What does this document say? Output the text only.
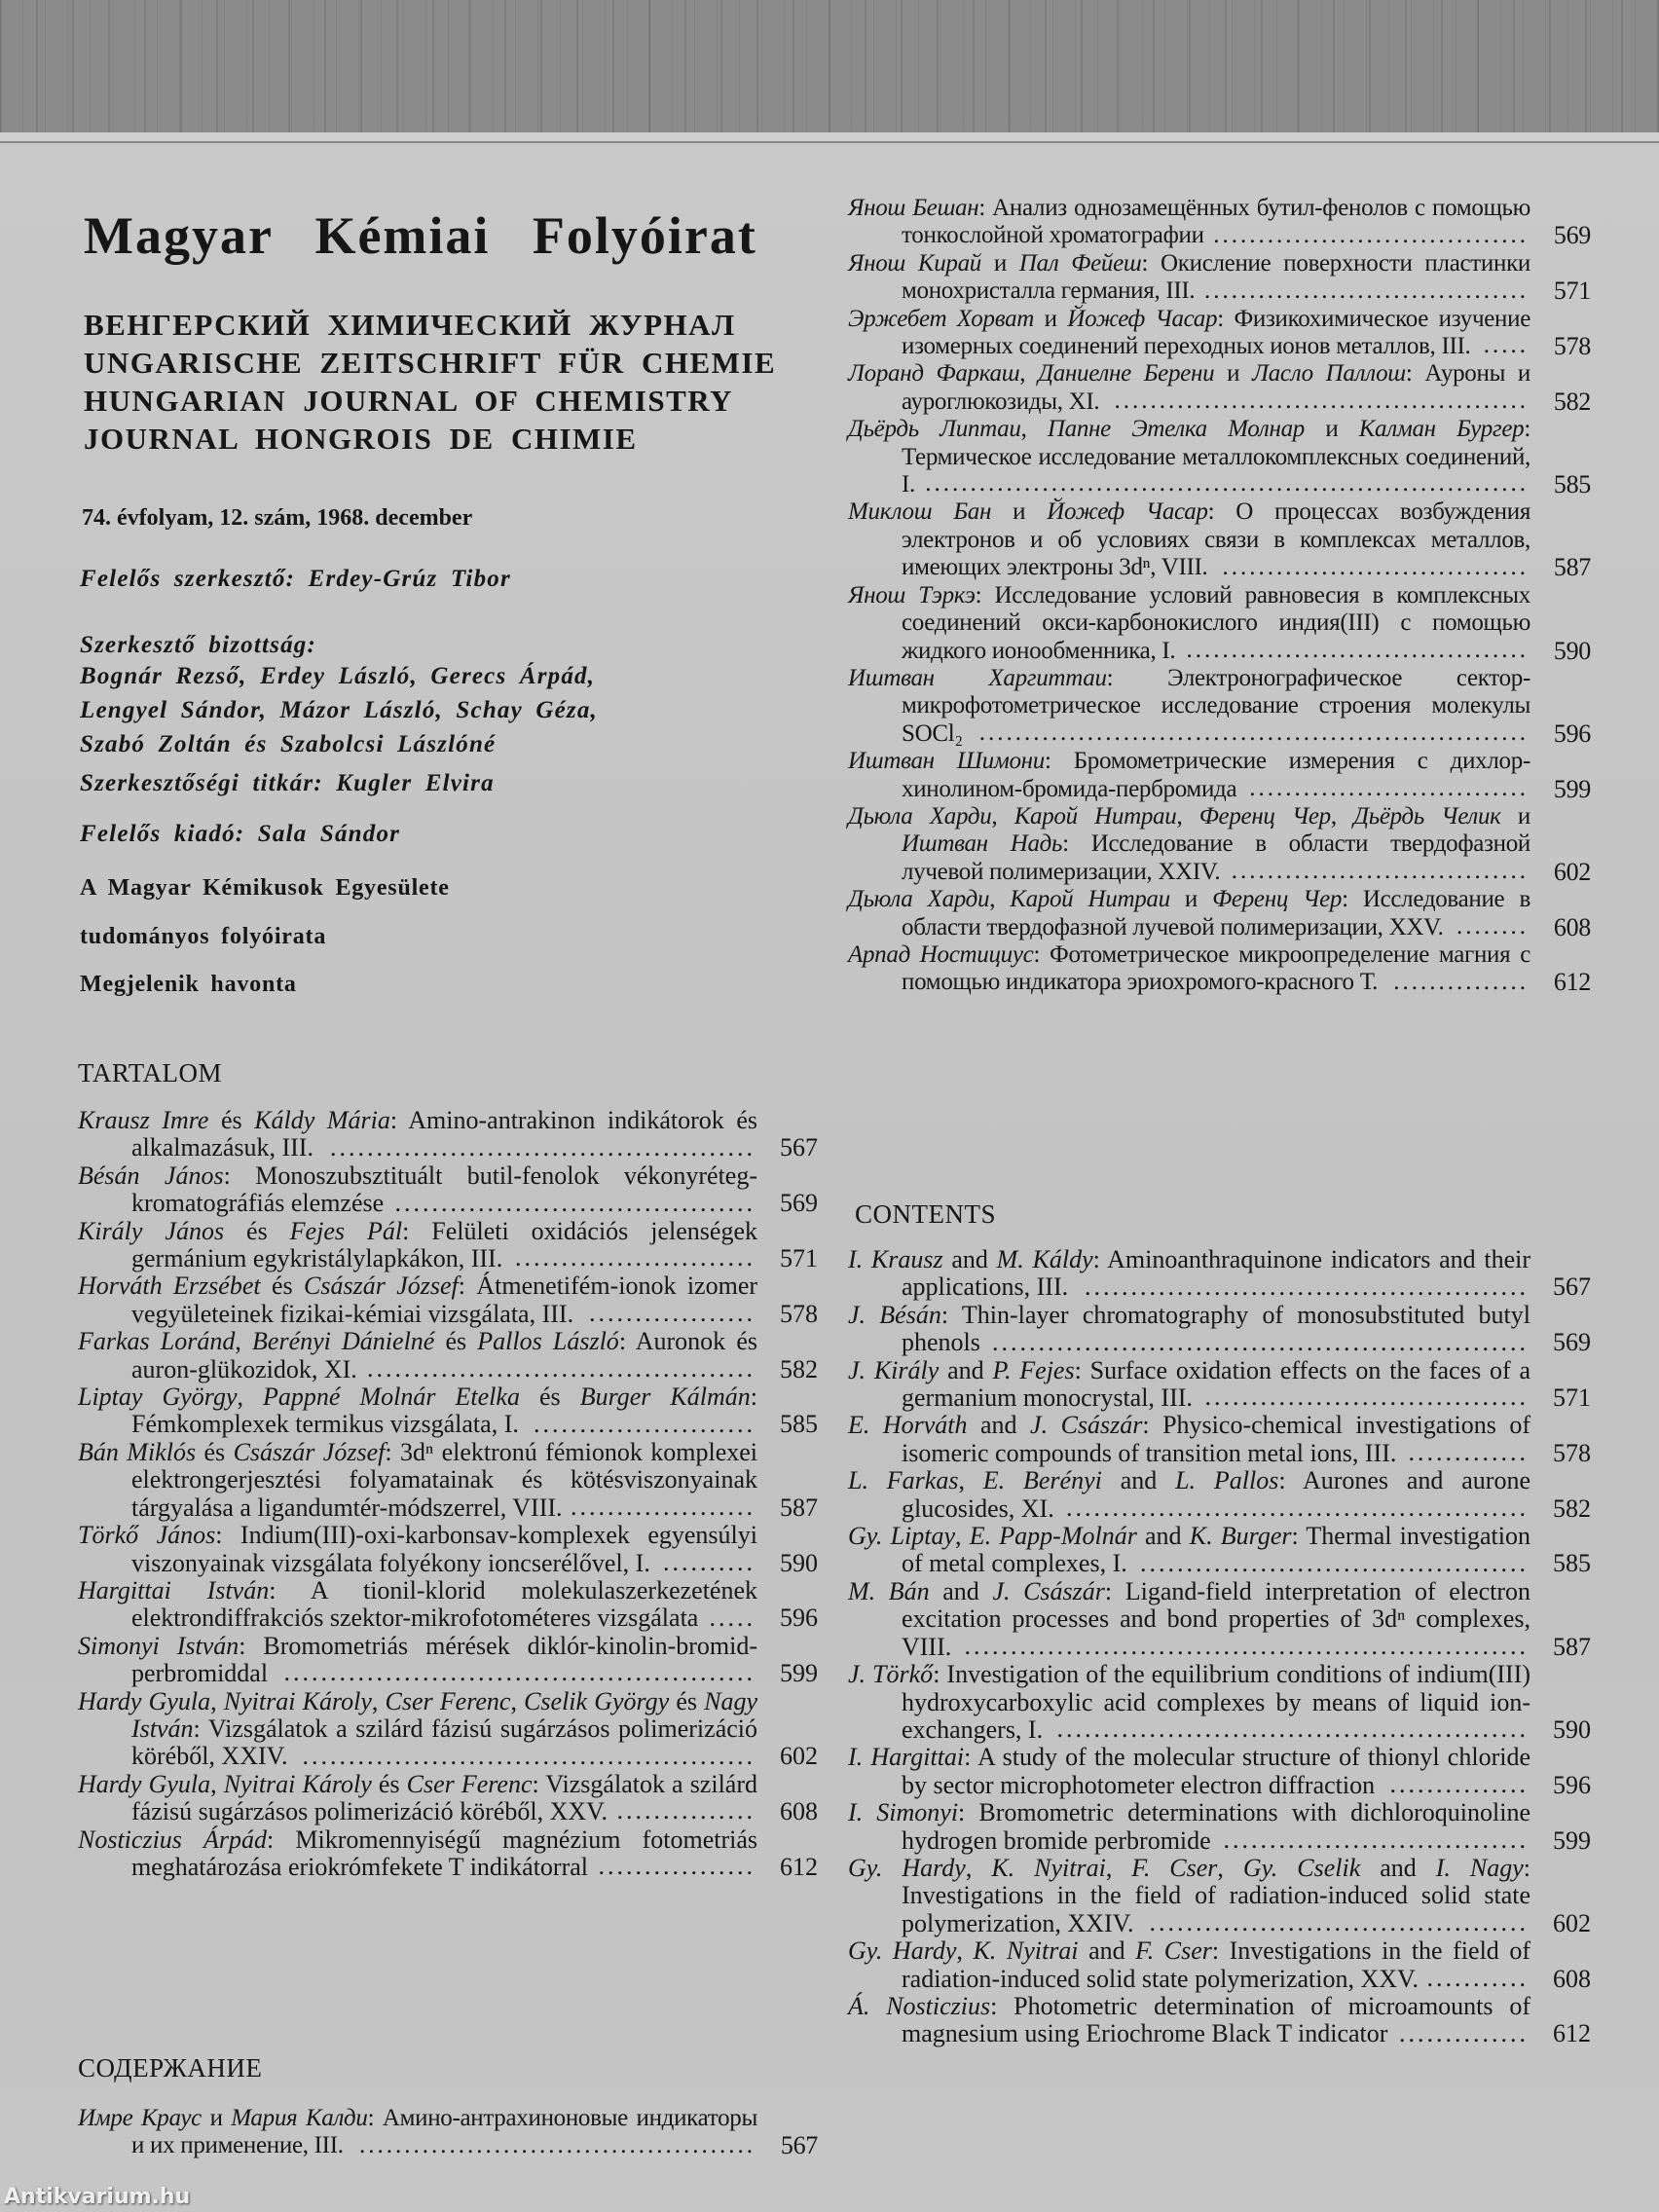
Magyar Kémiai Folyóirat
ВЕНГЕРСКИЙ ХИМИЧЕСКИЙ ЖУРНАЛ
UNGARISCHE ZEITSCHRIFT FÜR CHEMIE
HUNGARIAN JOURNAL OF CHEMISTRY
JOURNAL HONGROIS DE CHIMIE
74. évfolyam, 12. szám, 1968. december
Felelős szerkesztő: Erdey-Grúz Tibor
Szerkesztő bizottság:
Bognár Rezső, Erdey László, Gerecs Árpád,
Lengyel Sándor, Mázor László, Schay Géza,
Szabó Zoltán és Szabolcsi Lászlóné
Szerkesztőségi titkár: Kugler Elvira
Felelős kiadó: Sala Sándor
A Magyar Kémikusok Egyesülete
tudományos folyóirata
Megjelenik havonta
TARTALOM
Krausz Imre és Káldy Mária: Amino-antrakinon indikátorok és alkalmazásuk, III.	567
..............................................
Bésán János: Monoszubsztituált butil-fenolok vékonyréteg-kromatográfiás elemzése	569
.......................................
Király János és Fejes Pál: Felületi oxidációs jelenségek germánium egykristálylapkákon, III.	571
..........................
Horváth Erzsébet és Császár József: Átmenetifém-ionok izomer vegyületeinek fizikai-kémiai vizsgálata, III.	578
..................
Farkas Loránd, Berényi Dánielné és Pallos László: Auronok és auron-glükozidok, XI.	582
..........................................
Liptay György, Pappné Molnár Etelka és Burger Kálmán: Fémkomplexek termikus vizsgálata, I.	585
........................
Bán Miklós és Császár József: 3dⁿ elektronú fémionok komplexei elektrongerjesztési folyamatainak és kötésviszonyainak tárgyalása a ligandumtér-módszerrel, VIII.	587
....................
Törkő János: Indium(III)-oxi-karbonsav-komplexek egyensúlyi viszonyainak vizsgálata folyékony ioncserélővel, I.	590
..........
Hargittai István: A tionil-klorid molekulaszerkezetének elektrondiffrakciós szektor-mikrofotométeres vizsgálata	596
.....
Simonyi István: Bromometriás mérések diklór-kinolin-bromid-perbromiddal	599
...................................................
Hardy Gyula, Nyitrai Károly, Cser Ferenc, Cselik György és Nagy István: Vizsgálatok a szilárd fázisú sugárzásos polimerizáció köréből, XXIV.	602
.................................................
Hardy Gyula, Nyitrai Károly és Cser Ferenc: Vizsgálatok a szilárd fázisú sugárzásos polimerizáció köréből, XXV.	608
...............
Nosticzius Árpád: Mikromennyiségű magnézium fotometriás meghatározása eriokrómfekete T indikátorral	612
.................
СОДЕРЖАНИЕ
Имре Краус и Мария Калди: Амино-антрахиноновые индикаторы и их применение, III.	567
............................................
Янош Бешан: Анализ однозамещённых бутил-фенолов с помощью тонкослойной хроматографии	569
...................................
Янош Кирай и Пал Фейеш: Окисление поверхности пластинки монохристалла германия, III.	571
....................................
Эржебет Хорват и Йожеф Часар: Физикохимическое изучение изомерных соединений переходных ионов металлов, III.	578
.....
Лоранд Фаркаш, Даниелне Берени и Ласло Паллош: Ауроны и ауроглюкозиды, XI.	582
..............................................
Дьёрдь Липтаи, Папне Этелка Молнар и Калман Бургер: Термическое исследование металлокомплексных соединений, I.	585
...................................................................
Миклош Бан и Йожеф Часар: О процессах возбуждения электронов и об условиях связи в комплексах металлов, имеющих электроны 3dⁿ, VIII.	587
..................................
Янош Тэркэ: Исследование условий равновесия в комплексных соединений окси-карбонокислого индия(III) с помощью жидкого ионообменника, I.	590
......................................
Иштван Харгиттаи: Электронографическое сектор-микрофотометрическое исследование строения молекулы SOCl₂	596
.............................................................
Иштван Шимони: Бромометрические измерения с дихлор-хинолином-бромида-пербромида	599
...............................
Дьюла Харди, Карой Нитраи, Ференц Чер, Дьёрдь Челик и Иштван Надь: Исследование в области твердофазной лучевой полимеризации, XXIV.	602
.................................
Дьюла Харди, Карой Нитраи и Ференц Чер: Исследование в области твердофазной лучевой полимеризации, XXV.	608
........
Арпад Ностициус: Фотометрическое микроопределение магния с помощью индикатора эриохромого-красного Т.	612
...............
CONTENTS
I. Krausz and M. Káldy: Aminoanthraquinone indicators and their applications, III.	567
................................................
J. Bésán: Thin-layer chromatography of monosubstituted butyl phenols	569
..........................................................
J. Király and P. Fejes: Surface oxidation effects on the faces of a germanium monocrystal, III.	571
...................................
E. Horváth and J. Császár: Physico-chemical investigations of isomeric compounds of transition metal ions, III.	578
.............
L. Farkas, E. Berényi and L. Pallos: Aurones and aurone glucosides, XI.	582
..................................................
Gy. Liptay, E. Papp-Molnár and K. Burger: Thermal investigation of metal complexes, I.	585
..........................................
M. Bán and J. Császár: Ligand-field interpretation of electron excitation processes and bond properties of 3dⁿ complexes, VIII.	587
.............................................................
J. Törkő: Investigation of the equilibrium conditions of indium(III) hydroxycarboxylic acid complexes by means of liquid ion-exchangers, I.	590
...................................................
I. Hargittai: A study of the molecular structure of thionyl chloride by sector microphotometer electron diffraction	596
...............
I. Simonyi: Bromometric determinations with dichloroquinoline hydrogen bromide perbromide	599
.................................
Gy. Hardy, K. Nyitrai, F. Cser, Gy. Cselik and I. Nagy: Investigations in the field of radiation-induced solid state polymerization, XXIV.	602
.........................................
Gy. Hardy, K. Nyitrai and F. Cser: Investigations in the field of radiation-induced solid state polymerization, XXV.	608
...........
Á. Nosticzius: Photometric determination of microamounts of magnesium using Eriochrome Black T indicator	612
..............
Antikvarium.hu
